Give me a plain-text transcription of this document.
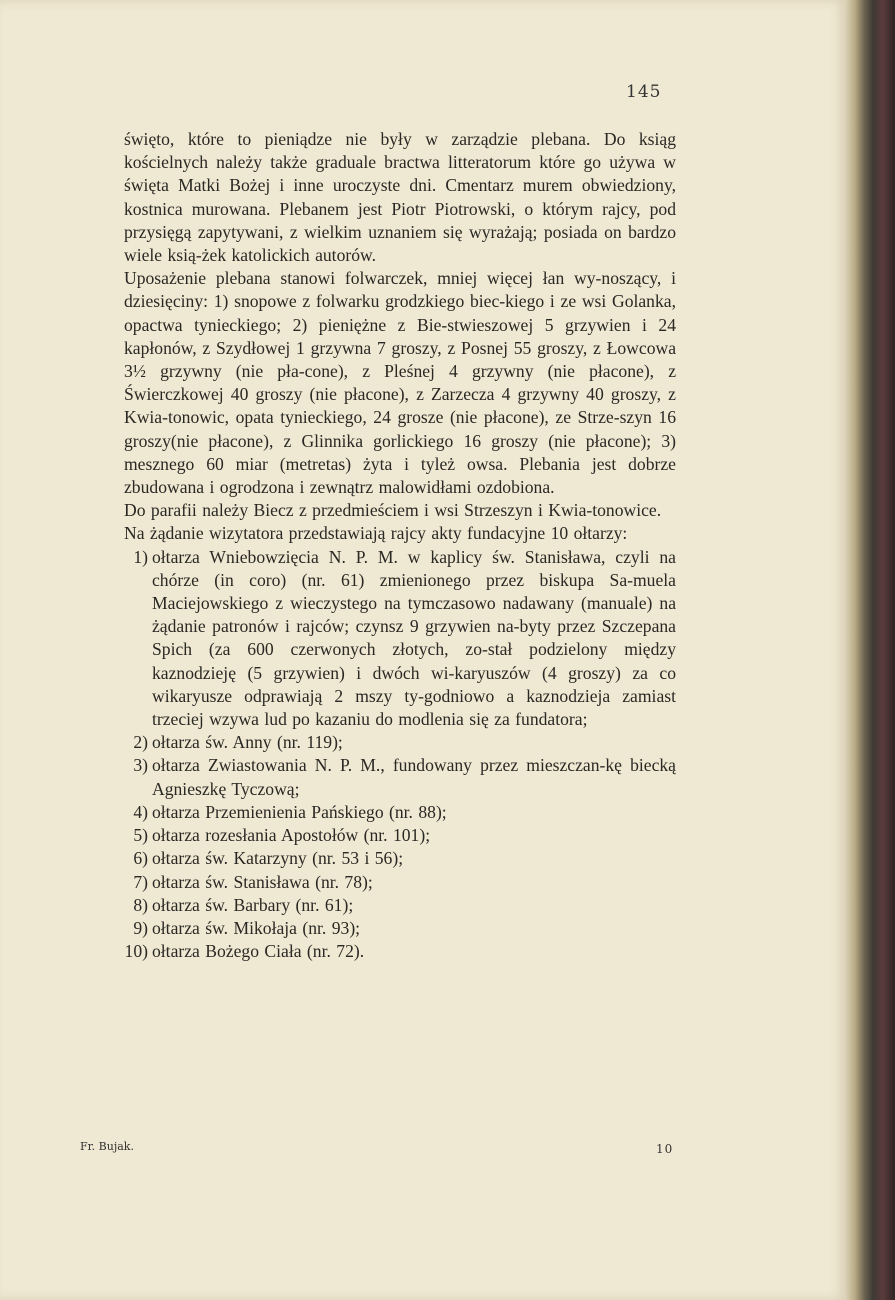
145

święto, które to pieniądze nie były w zarządzie plebana. Do ksiąg kościelnych należy także graduale bractwa litteratorum które go używa w święta Matki Bożej i inne uroczyste dni. Cmentarz murem obwiedziony, kostnica murowana. Plebanem jest Piotr Piotrowski, o którym rajcy, pod przysięgą zapytywani, z wielkim uznaniem się wyrażają; posiada on bardzo wiele ksią-żek katolickich autorów.

Uposażenie plebana stanowi folwarczek, mniej więcej łan wy-noszący, i dziesięciny: 1) snopowe z folwarku grodzkiego biec-kiego i ze wsi Golanka, opactwa tynieckiego; 2) pieniężne z Bie-stwieszowej 5 grzywien i 24 kapłonów, z Szydłowej 1 grzywna 7 groszy, z Posnej 55 groszy, z Łowcowa 3½ grzywny (nie pła-cone), z Pleśnej 4 grzywny (nie płacone), z Świerczkowej 40 groszy (nie płacone), z Zarzecza 4 grzywny 40 groszy, z Kwia-tonowic, opata tynieckiego, 24 grosze (nie płacone), ze Strze-szyn 16 groszy(nie płacone), z Glinnika gorlickiego 16 groszy (nie płacone); 3) mesznego 60 miar (metretas) żyta i tyleż owsa. Plebania jest dobrze zbudowana i ogrodzona i zewnątrz malowidłami ozdobiona.

Do parafii należy Biecz z przedmieściem i wsi Strzeszyn i Kwia-tonowice.

Na żądanie wizytatora przedstawiają rajcy akty fundacyjne 10 ołtarzy:

1) ołtarza Wniebowzięcia N. P. M. w kaplicy św. Stanisława, czyli na chórze (in coro) (nr. 61) zmienionego przez biskupa Sa-muela Maciejowskiego z wieczystego na tymczasowo nadawany (manuale) na żądanie patronów i rajców; czynsz 9 grzywien na-byty przez Szczepana Spich (za 600 czerwonych złotych, zo-stał podzielony między kaznodzieję (5 grzywien) i dwóch wi-karyuszów (4 groszy) za co wikaryusze odprawiają 2 mszy ty-godniowo a kaznodzieja zamiast trzeciej wzywa lud po kazaniu do modlenia się za fundatora;
2) ołtarza św. Anny (nr. 119);
3) ołtarza Zwiastowania N. P. M., fundowany przez mieszczan-kę biecką Agnieszkę Tyczową;
4) ołtarza Przemienienia Pańskiego (nr. 88);
5) ołtarza rozesłania Apostołów (nr. 101);
6) ołtarza św. Katarzyny (nr. 53 i 56);
7) ołtarza św. Stanisława (nr. 78);
8) ołtarza św. Barbary (nr. 61);
9) ołtarza św. Mikołaja (nr. 93);
10) ołtarza Bożego Ciała (nr. 72).
Fr. Bujak.	10
